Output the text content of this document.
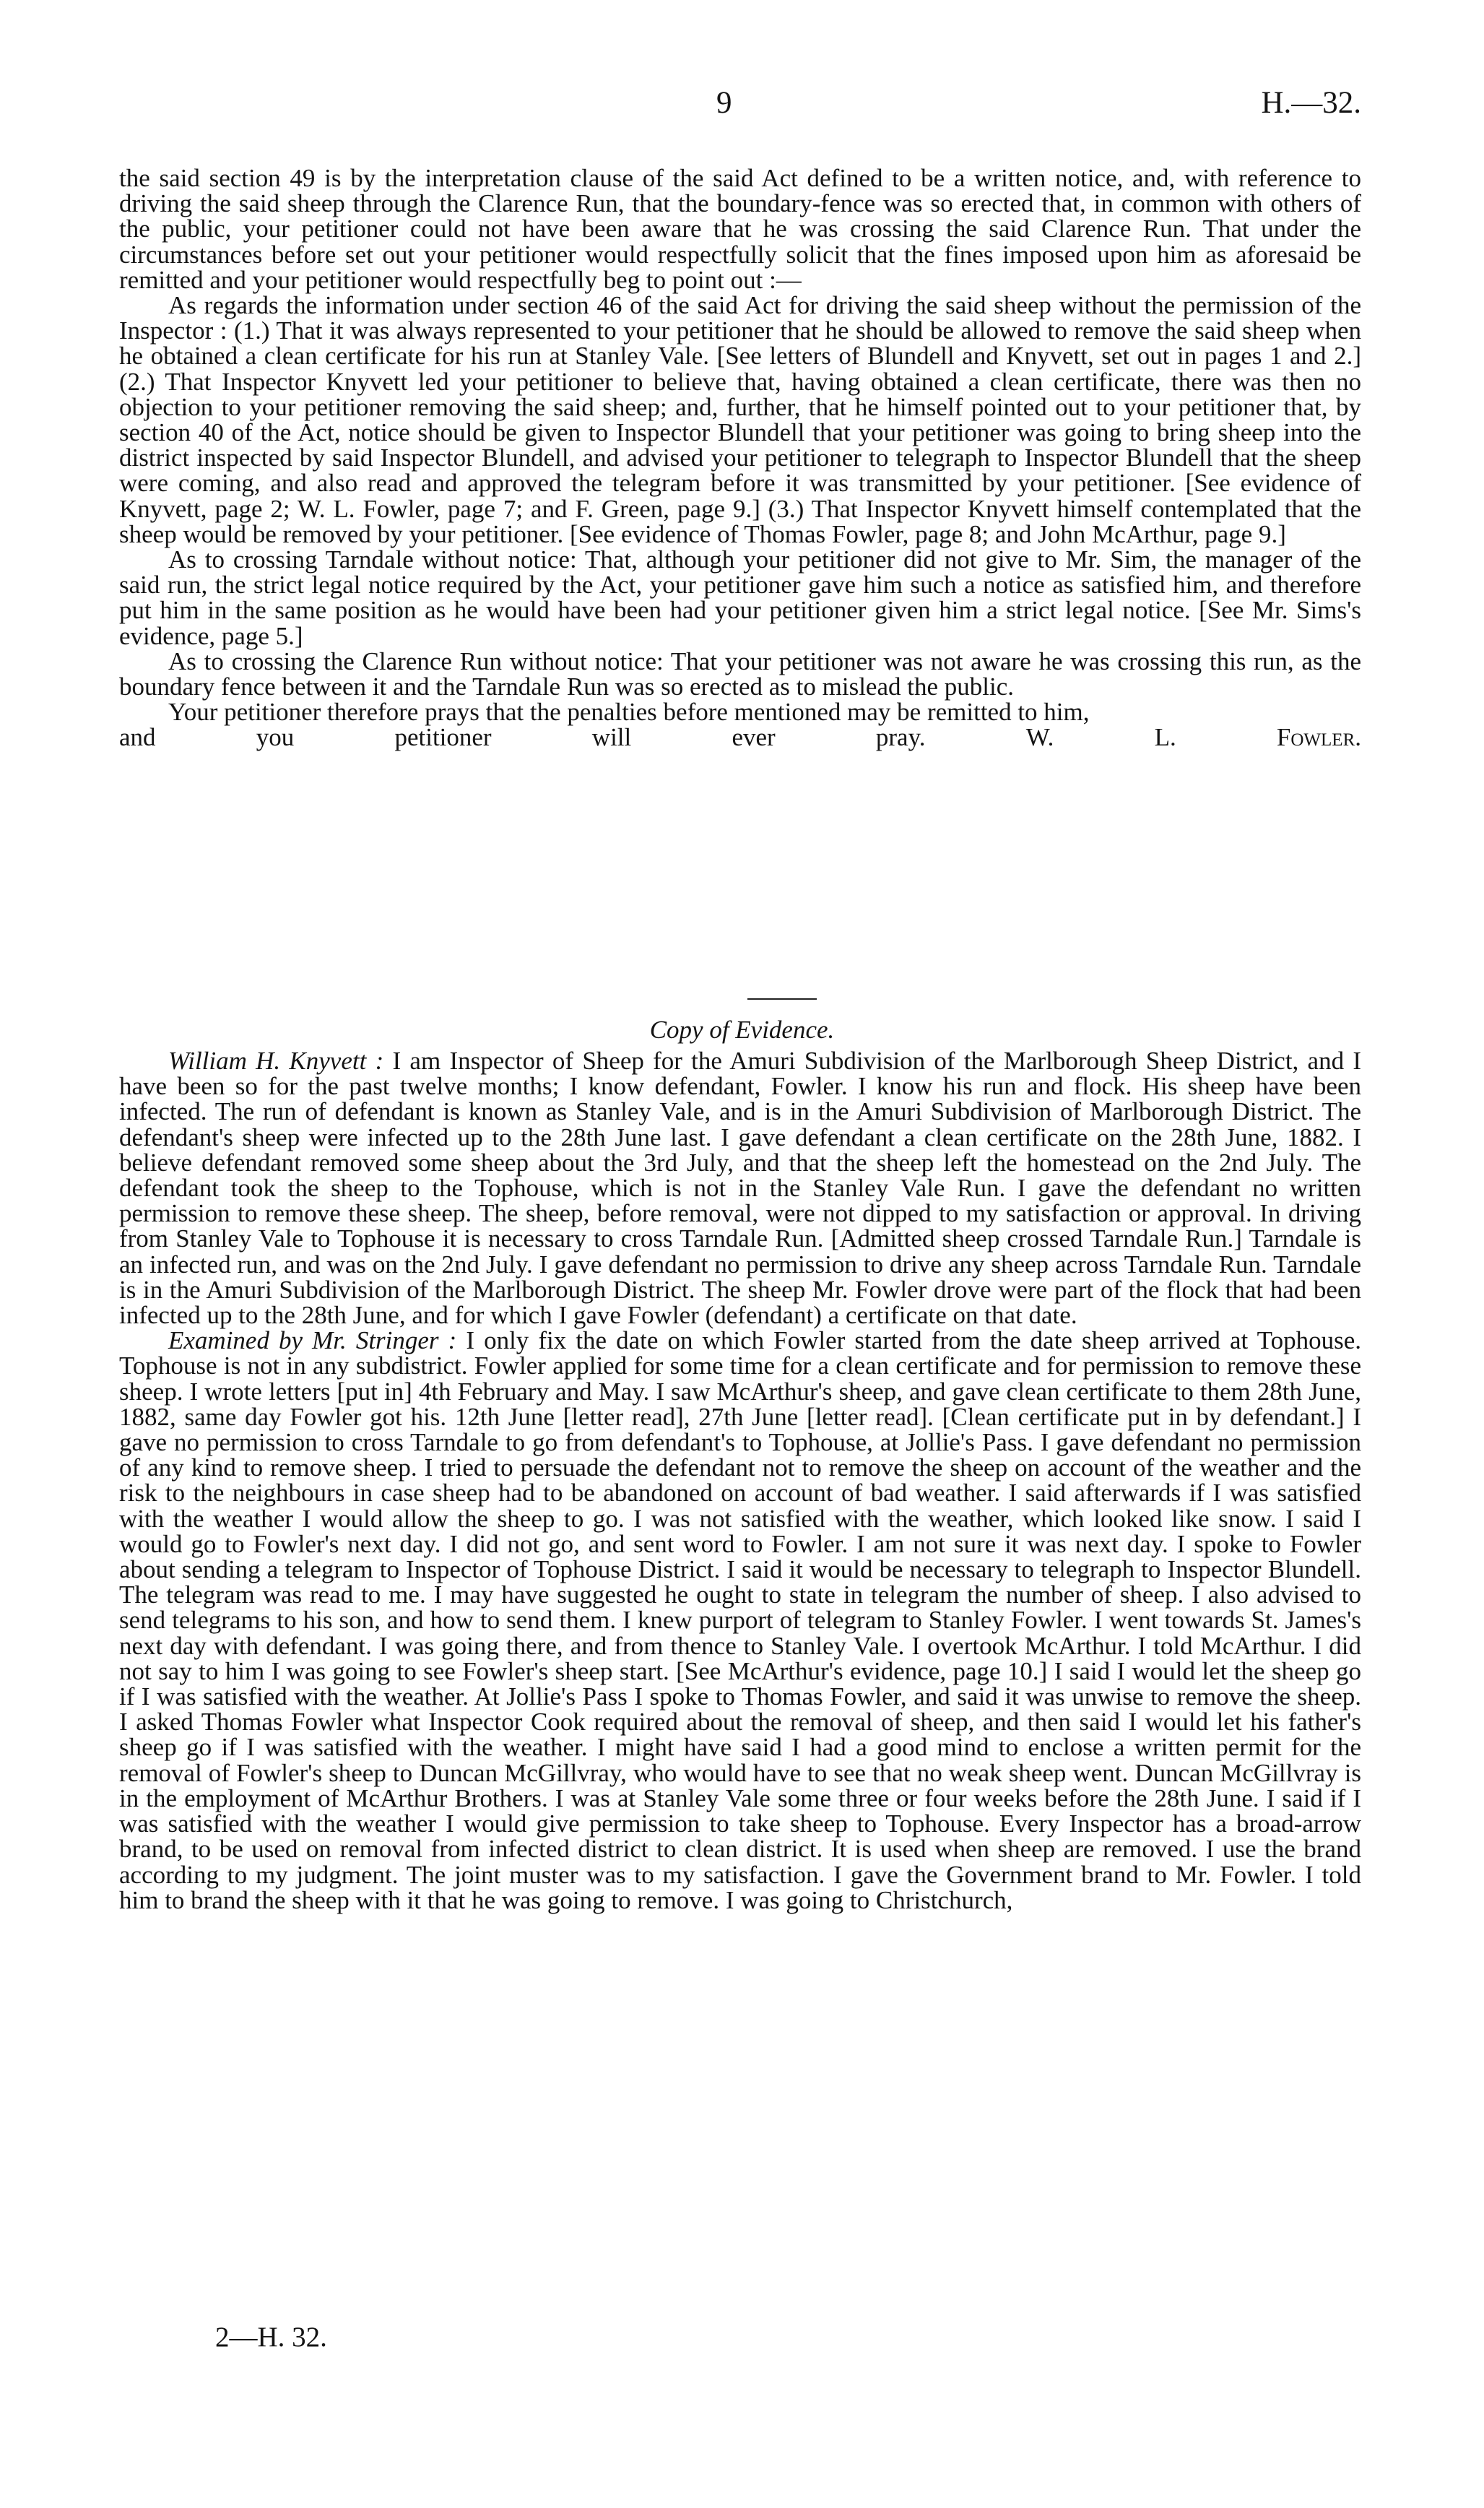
9	H.—32.

the said section 49 is by the interpretation clause of the said Act defined to be a written notice, and, with reference to driving the said sheep through the Clarence Run, that the boundary-fence was so erected that, in common with others of the public, your petitioner could not have been aware that he was crossing the said Clarence Run. That under the circumstances before set out your petitioner would respectfully solicit that the fines imposed upon him as aforesaid be remitted and your petitioner would respectfully beg to point out :—

As regards the information under section 46 of the said Act for driving the said sheep without the permission of the Inspector : (1.) That it was always represented to your petitioner that he should be allowed to remove the said sheep when he obtained a clean certificate for his run at Stanley Vale. [See letters of Blundell and Knyvett, set out in pages 1 and 2.] (2.) That Inspector Knyvett led your petitioner to believe that, having obtained a clean certificate, there was then no objection to your petitioner removing the said sheep; and, further, that he himself pointed out to your petitioner that, by section 40 of the Act, notice should be given to Inspector Blundell that your petitioner was going to bring sheep into the district inspected by said Inspector Blundell, and advised your petitioner to telegraph to Inspector Blundell that the sheep were coming, and also read and approved the telegram before it was transmitted by your petitioner. [See evidence of Knyvett, page 2; W. L. Fowler, page 7; and F. Green, page 9.] (3.) That Inspector Knyvett himself contemplated that the sheep would be removed by your petitioner. [See evidence of Thomas Fowler, page 8; and John McArthur, page 9.]

As to crossing Tarndale without notice: That, although your petitioner did not give to Mr. Sim, the manager of the said run, the strict legal notice required by the Act, your petitioner gave him such a notice as satisfied him, and therefore put him in the same position as he would have been had your petitioner given him a strict legal notice. [See Mr. Sims's evidence, page 5.]

As to crossing the Clarence Run without notice: That your petitioner was not aware he was crossing this run, as the boundary fence between it and the Tarndale Run was so erected as to mislead the public.

Your petitioner therefore prays that the penalties before mentioned may be remitted to him,

and you petitioner will ever pray.	W. L. Fowler.
Copy of Evidence.

William H. Knyvett : I am Inspector of Sheep for the Amuri Subdivision of the Marlborough Sheep District, and I have been so for the past twelve months; I know defendant, Fowler. I know his run and flock. His sheep have been infected. The run of defendant is known as Stanley Vale, and is in the Amuri Subdivision of Marlborough District. The defendant's sheep were infected up to the 28th June last. I gave defendant a clean certificate on the 28th June, 1882. I believe defendant removed some sheep about the 3rd July, and that the sheep left the homestead on the 2nd July. The defendant took the sheep to the Tophouse, which is not in the Stanley Vale Run. I gave the defendant no written permission to remove these sheep. The sheep, before removal, were not dipped to my satisfaction or approval. In driving from Stanley Vale to Tophouse it is necessary to cross Tarndale Run. [Admitted sheep crossed Tarndale Run.] Tarndale is an infected run, and was on the 2nd July. I gave defendant no permission to drive any sheep across Tarndale Run. Tarndale is in the Amuri Subdivision of the Marlborough District. The sheep Mr. Fowler drove were part of the flock that had been infected up to the 28th June, and for which I gave Fowler (defendant) a certificate on that date.

Examined by Mr. Stringer : I only fix the date on which Fowler started from the date sheep arrived at Tophouse. Tophouse is not in any subdistrict. Fowler applied for some time for a clean certificate and for permission to remove these sheep. I wrote letters [put in] 4th February and May. I saw McArthur's sheep, and gave clean certificate to them 28th June, 1882, same day Fowler got his. 12th June [letter read], 27th June [letter read]. [Clean certificate put in by defendant.] I gave no permission to cross Tarndale to go from defendant's to Tophouse, at Jollie's Pass. I gave defendant no permission of any kind to remove sheep. I tried to persuade the defendant not to remove the sheep on account of the weather and the risk to the neighbours in case sheep had to be abandoned on account of bad weather. I said afterwards if I was satisfied with the weather I would allow the sheep to go. I was not satisfied with the weather, which looked like snow. I said I would go to Fowler's next day. I did not go, and sent word to Fowler. I am not sure it was next day. I spoke to Fowler about sending a telegram to Inspector of Tophouse District. I said it would be necessary to telegraph to Inspector Blundell. The telegram was read to me. I may have suggested he ought to state in telegram the number of sheep. I also advised to send telegrams to his son, and how to send them. I knew purport of telegram to Stanley Fowler. I went towards St. James's next day with defendant. I was going there, and from thence to Stanley Vale. I overtook McArthur. I told McArthur. I did not say to him I was going to see Fowler's sheep start. [See McArthur's evidence, page 10.] I said I would let the sheep go if I was satisfied with the weather. At Jollie's Pass I spoke to Thomas Fowler, and said it was unwise to remove the sheep. I asked Thomas Fowler what Inspector Cook required about the removal of sheep, and then said I would let his father's sheep go if I was satisfied with the weather. I might have said I had a good mind to enclose a written permit for the removal of Fowler's sheep to Duncan McGillvray, who would have to see that no weak sheep went. Duncan McGillvray is in the employment of McArthur Brothers. I was at Stanley Vale some three or four weeks before the 28th June. I said if I was satisfied with the weather I would give permission to take sheep to Tophouse. Every Inspector has a broad-arrow brand, to be used on removal from infected district to clean district. It is used when sheep are removed. I use the brand according to my judgment. The joint muster was to my satisfaction. I gave the Government brand to Mr. Fowler. I told him to brand the sheep with it that he was going to remove. I was going to Christchurch,

2—H. 32.
